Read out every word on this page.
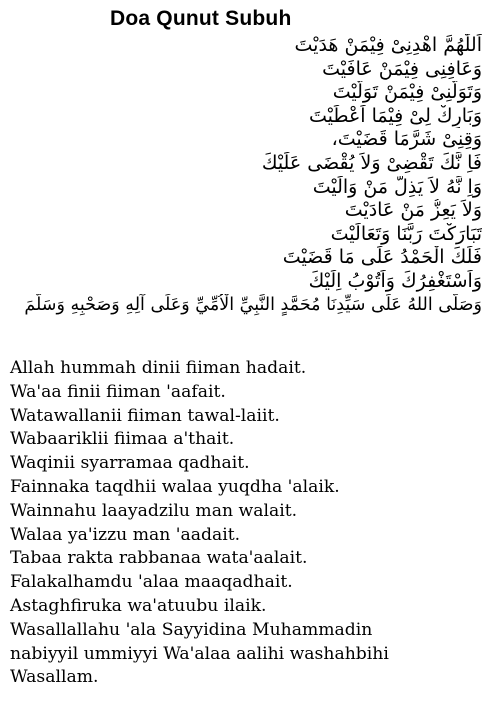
Doa Qunut Subuh
اَللّٰهُمَّ اهْدِنِىْ فِيْمَنْ هَدَيْتَ
وَعَافِنِى فِيْمَنْ عَافَيْتَ
وَتَوَلَّنِىْ فِيْمَنْ تَوَلَّيْتَ
وَبَارِكْ لِىْ فِيْمَا اَعْطَيْتَ
وَقِنِىْ شَرَّمَا قَضَيْتَ،
فَاِ نَّكَ تَقْضِىْ وَلاَ يُقْضَى عَلَيْكَ
وَاِ نَّهُ لاَ يَذِلُّ مَنْ وَالَيْتَ
وَلاَ يَعِزُّ مَنْ عَادَيْتَ
تَبَارَكْتَ رَبَّنَا وَتَعَالَيْتَ
فَلَكَ الْحَمْدُ عَلَى مَا قَضَيْتَ
وَاَسْتَغْفِرُكَ وَاَتُوْبُ اِلَيْكَ
وَصَلَّى اللهُ عَلَى سَيِّدِنَا مُحَمَّدٍ النَّبِيِّ الْاُمِّيِّ وَعَلَى آلِهِ وَصَحْبِهِ وَسَلَّمَ
Allah hummah dinii fiiman hadait.
Wa'aa finii fiiman 'aafait.
Watawallanii fiiman tawal-laiit.
Wabaariklii fiimaa a'thait.
Waqinii syarramaa qadhait.
Fainnaka taqdhii walaa yuqdha 'alaik.
Wainnahu laayadzilu man walait.
Walaa ya'izzu man 'aadait.
Tabaa rakta rabbanaa wata'aalait.
Falakalhamdu 'alaa maaqadhait.
Astaghfiruka wa'atuubu ilaik.
Wasallallahu 'ala Sayyidina Muhammadin
nabiyyil ummiyyi Wa'alaa aalihi washahbihi
Wasallam.
